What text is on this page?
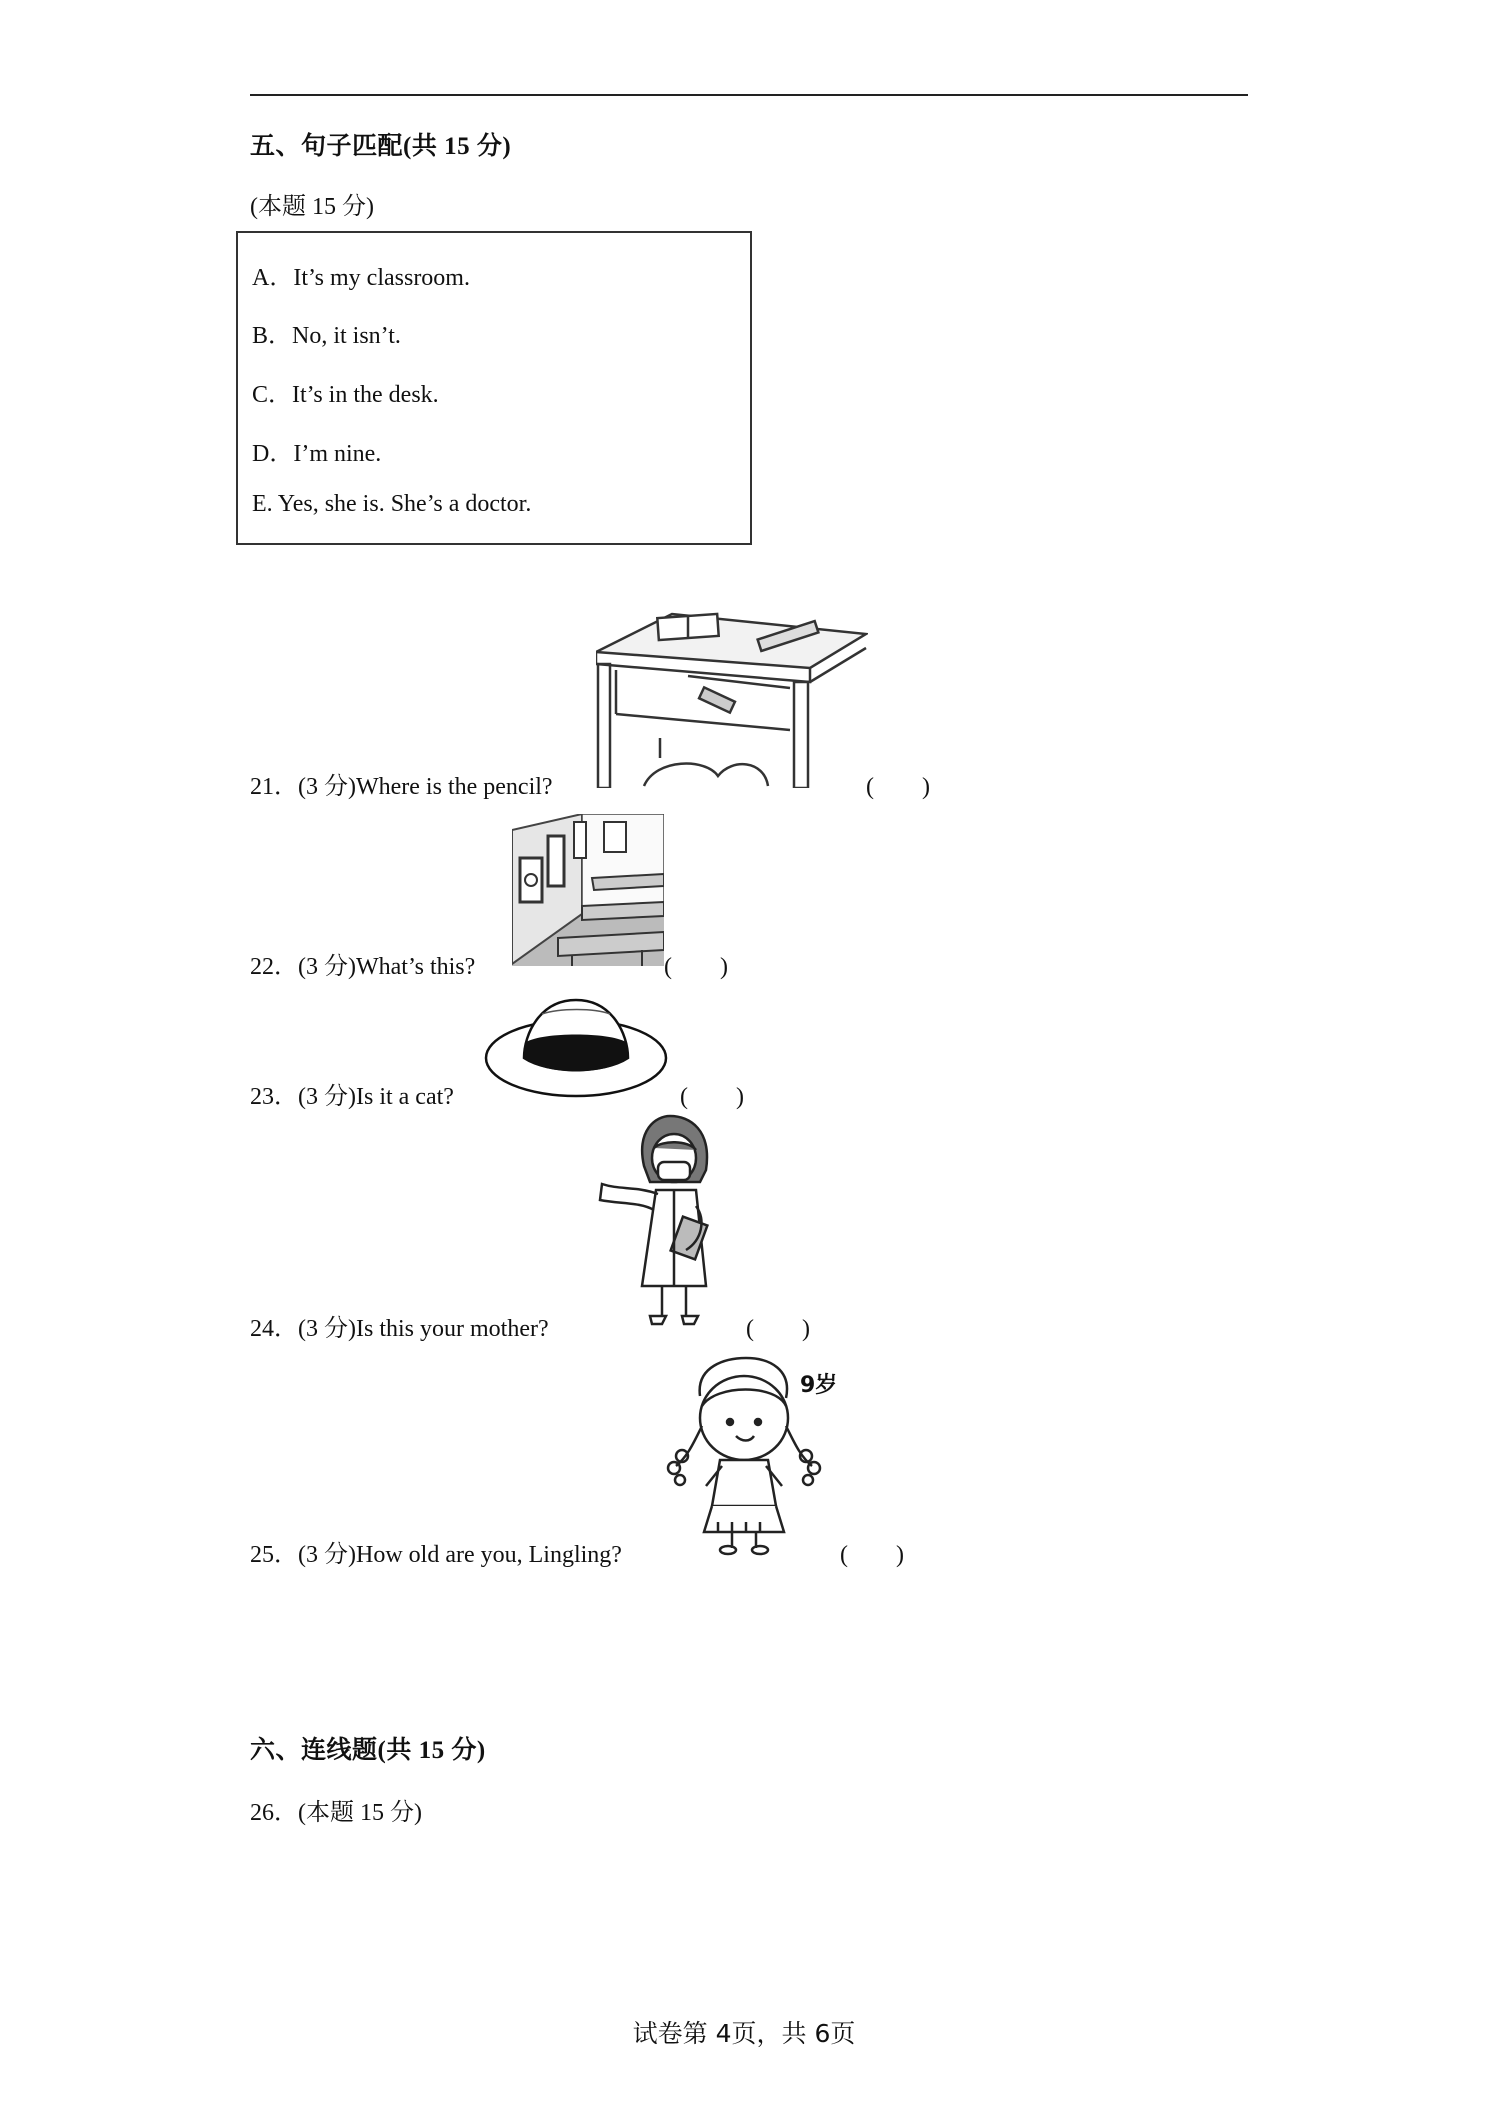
五、句子匹配(共 15 分)
(本题 15 分)
A．It’s my classroom.
B．No, it isn’t.
C．It’s in the desk.
D．I’m nine.
E. Yes, she is. She’s a doctor.
21．(3 分)Where is the pencil?	(　　)
22．(3 分)What’s this?	(　　)
23．(3 分)Is it a cat?	(　　)
24．(3 分)Is this your mother?	(　　)
9岁
25．(3 分)How old are you, Lingling?	(　　)
六、连线题(共 15 分)
26．(本题 15 分)
试卷第 4页，共 6页
